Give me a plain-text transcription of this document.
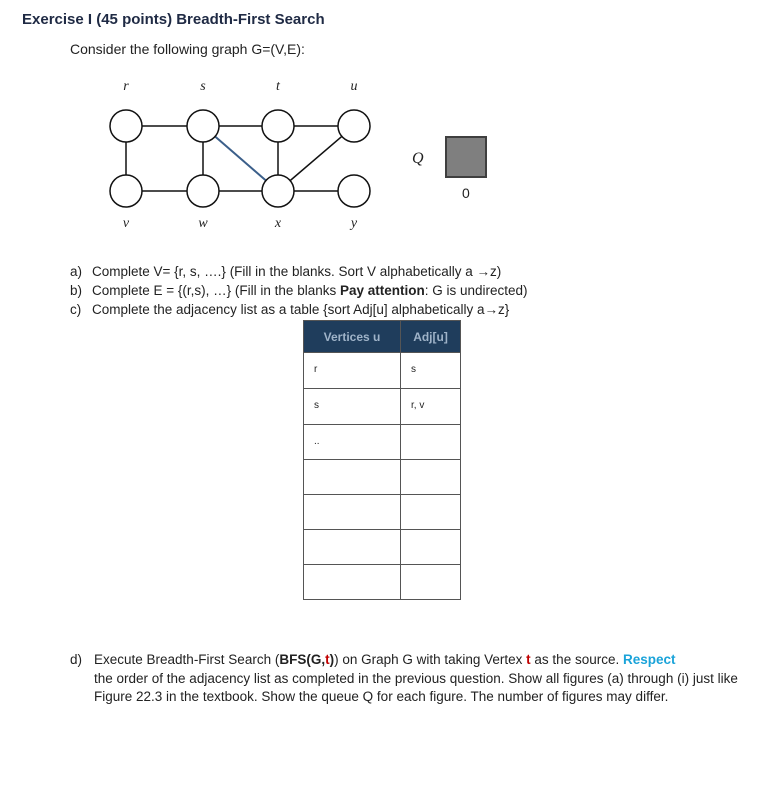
Exercise I (45 points) Breadth-First Search
Consider the following graph G=(V,E):
r	s	t	u
v	w	x	y
Q
0
a) Complete V= {r, s, ….} (Fill in the blanks. Sort V alphabetically a →z)
b) Complete E = {(r,s), …} (Fill in the blanks Pay attention: G is undirected)
c) Complete the adjacency list as a table {sort Adj[u] alphabetically a→z}
Vertices u	Adj[u]

r	s

s	r, v

..	

d) Execute Breadth-First Search (BFS(G,t)) on Graph G with taking Vertex t as the source. Respect
the order of the adjacency list as completed in the previous question. Show all figures (a) through (i) just like Figure 22.3 in the textbook. Show the queue Q for each figure. The number of figures may differ.
